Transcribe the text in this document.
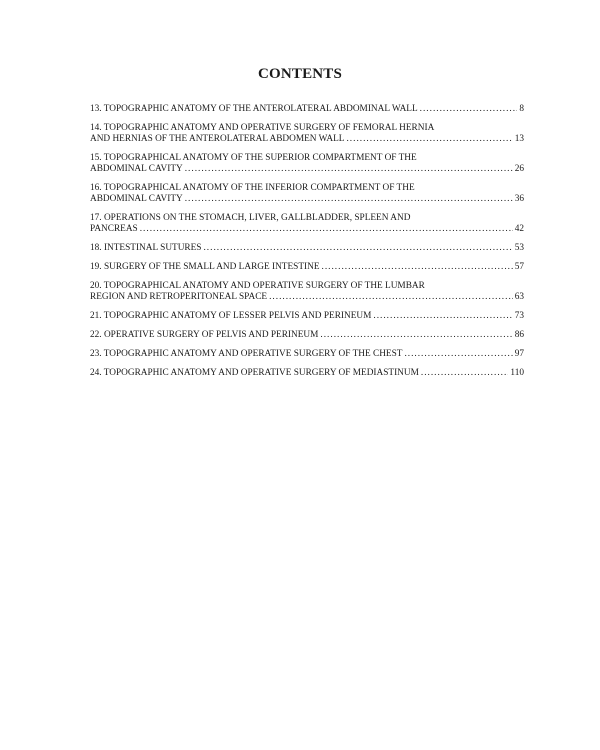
CONTENTS
13. TOPOGRAPHIC ANATOMY OF THE ANTEROLATERAL ABDOMINAL WALL .....	8
14. TOPOGRAPHIC ANATOMY AND OPERATIVE SURGERY OF FEMORAL HERNIA
AND HERNIAS OF THE ANTEROLATERAL ABDOMEN WALL .....	13
15. TOPOGRAPHICAL ANATOMY OF THE SUPERIOR COMPARTMENT OF THE
ABDOMINAL CAVITY .....	26
16. TOPOGRAPHICAL ANATOMY OF THE INFERIOR COMPARTMENT OF THE
ABDOMINAL CAVITY .....	36
17. OPERATIONS ON THE STOMACH, LIVER, GALLBLADDER, SPLEEN AND
PANCREAS .....	42
18. INTESTINAL SUTURES .....	53
19. SURGERY OF THE SMALL AND LARGE INTESTINE .....	57
20. TOPOGRAPHICAL ANATOMY AND OPERATIVE SURGERY OF THE LUMBAR
REGION AND RETROPERITONEAL SPACE .....	63
21. TOPOGRAPHIC ANATOMY OF LESSER PELVIS AND PERINEUM .....	73
22. OPERATIVE SURGERY OF PELVIS AND PERINEUM .....	86
23. TOPOGRAPHIC ANATOMY AND OPERATIVE SURGERY OF THE CHEST .....	97
24. TOPOGRAPHIC ANATOMY AND OPERATIVE SURGERY OF MEDIASTINUM .....	110
